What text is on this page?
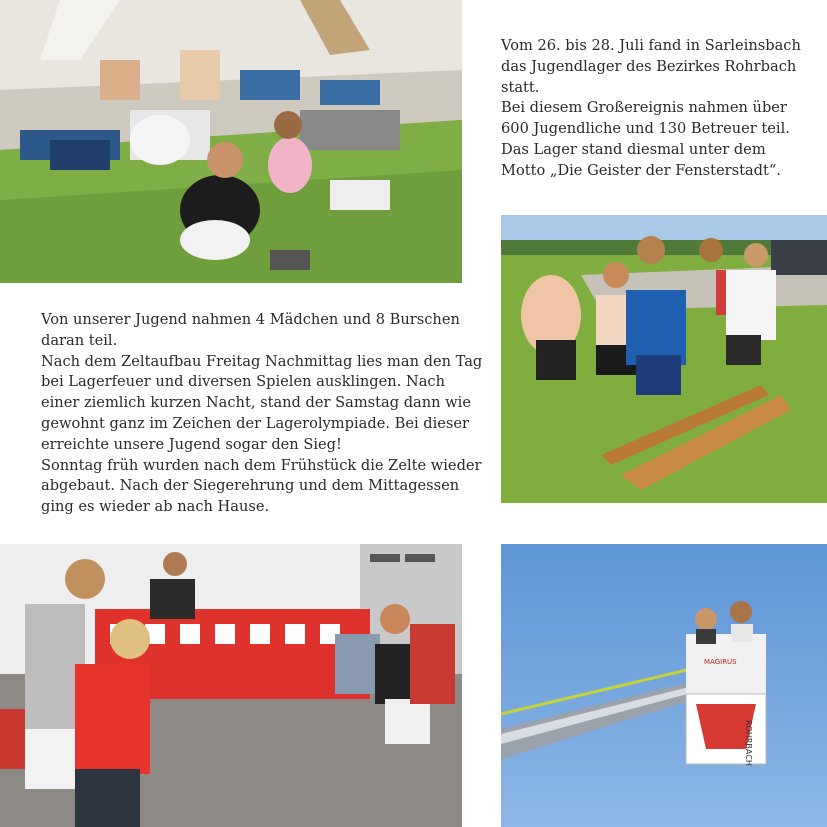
Vom 26. bis 28. Juli fand in Sarleinsbach
das Jugendlager des Bezirkes Rohrbach
statt.
Bei diesem Großereignis nahmen über
600 Jugendliche und 130 Betreuer teil.
Das Lager stand diesmal unter dem
Motto „Die Geister der Fensterstadt“.
Von unserer Jugend nahmen 4 Mädchen und 8 Burschen
daran teil.
Nach dem Zeltaufbau Freitag Nachmittag lies man den Tag
bei Lagerfeuer und diversen Spielen ausklingen. Nach
einer ziemlich kurzen Nacht, stand der Samstag dann wie
gewohnt ganz im Zeichen der Lagerolympiade. Bei dieser
erreichte unsere Jugend sogar den Sieg!
Sonntag früh wurden nach dem Frühstück die Zelte wieder
abgebaut. Nach der Siegerehrung und dem Mittagessen
ging es wieder ab nach Hause.
MAGIRUS
ROHRBACH
